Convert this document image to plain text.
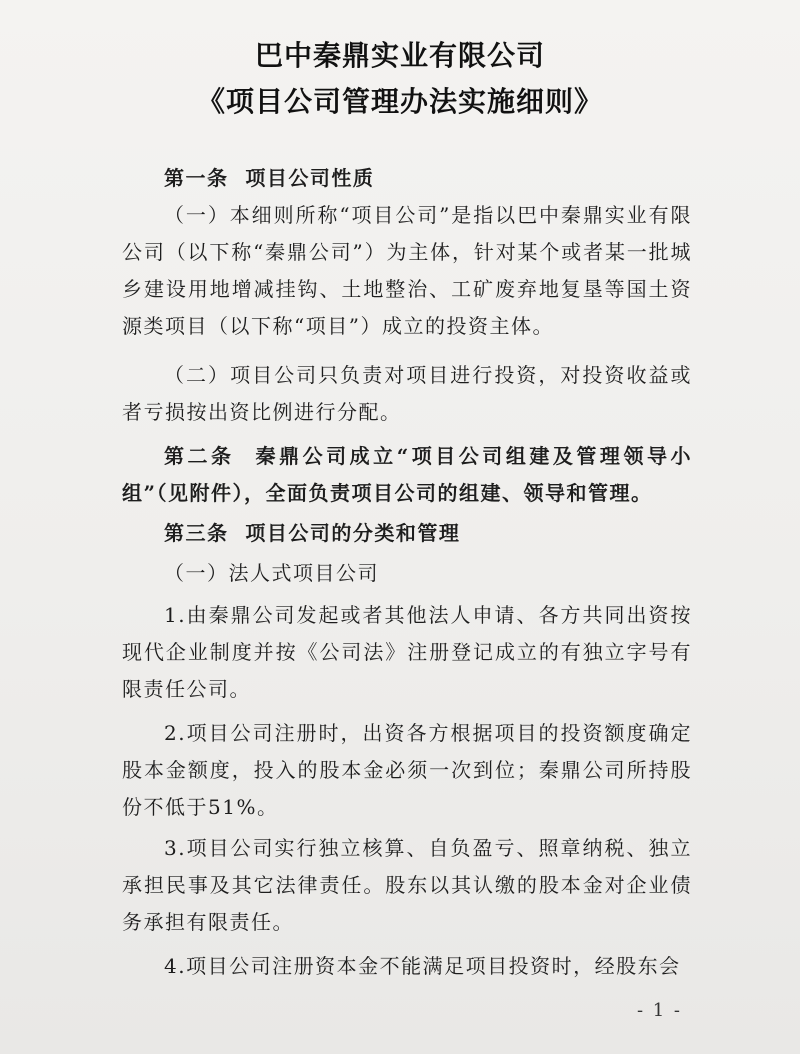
巴中秦鼎实业有限公司
《项目公司管理办法实施细则》
第一条  项目公司性质
（一）本细则所称“项目公司”是指以巴中秦鼎实业有限公司（以下称“秦鼎公司”）为主体，针对某个或者某一批城乡建设用地增减挂钩、土地整治、工矿废弃地复垦等国土资源类项目（以下称“项目”）成立的投资主体。
（二）项目公司只负责对项目进行投资，对投资收益或者亏损按出资比例进行分配。
第二条  秦鼎公司成立“项目公司组建及管理领导小组”（见附件），全面负责项目公司的组建、领导和管理。
第三条  项目公司的分类和管理
（一）法人式项目公司
1.由秦鼎公司发起或者其他法人申请、各方共同出资按现代企业制度并按《公司法》注册登记成立的有独立字号有限责任公司。
2.项目公司注册时，出资各方根据项目的投资额度确定股本金额度，投入的股本金必须一次到位；秦鼎公司所持股份不低于51%。
3.项目公司实行独立核算、自负盈亏、照章纳税、独立承担民事及其它法律责任。股东以其认缴的股本金对企业债务承担有限责任。
4.项目公司注册资本金不能满足项目投资时，经股东会
- 1 -
